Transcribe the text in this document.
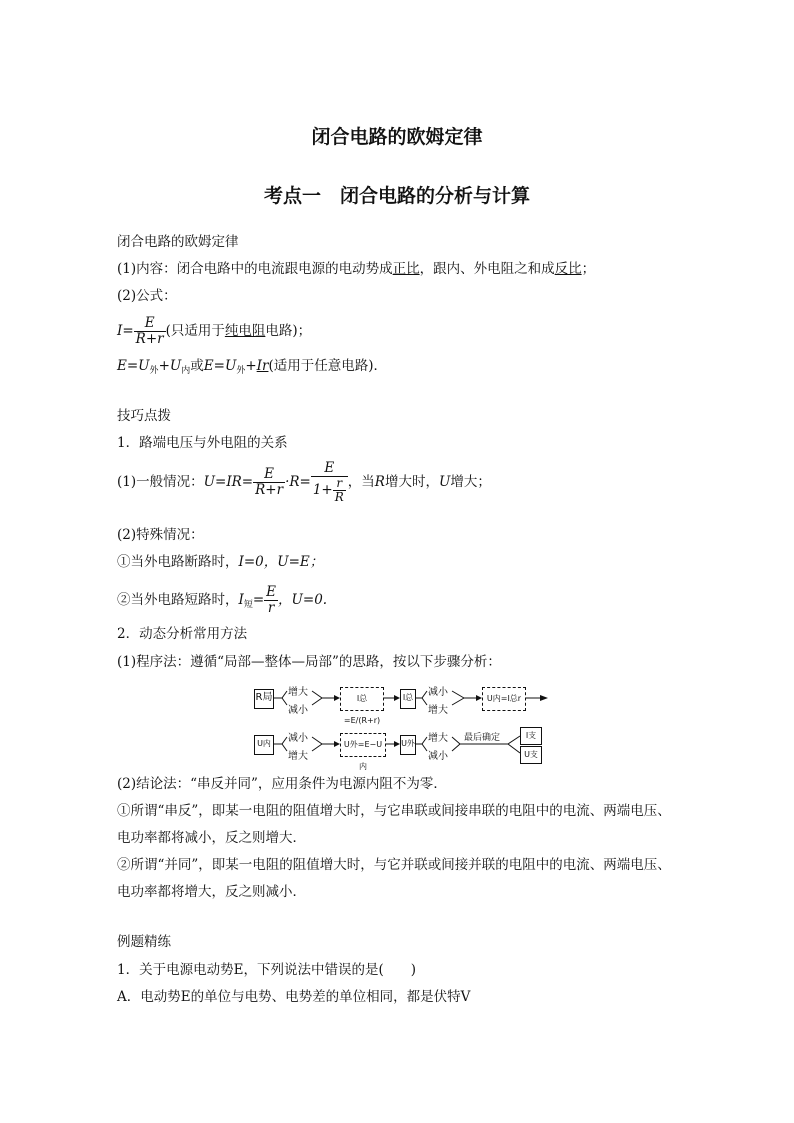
闭合电路的欧姆定律
考点一　闭合电路的分析与计算
闭合电路的欧姆定律
(1)内容：闭合电路中的电流跟电源的电动势成正比，跟内、外电阻之和成反比；
(2)公式：
$I= \frac{E}{R+r}$ (只适用于纯电阻电路)；
$E=U_外+U_内$或$E=U_外+Ir$(适用于任意电路)．
技巧点拨
1．路端电压与外电阻的关系
(1)一般情况：$U=IR= \frac{E}{R+r} \cdot R= \frac{E}{1+ \frac{r}{R}}$ ，当R增大时，U增大；
(2)特殊情况：
①当外电路断路时，I=0，U=E；
②当外电路短路时，$I_短= \frac{E}{r}$ ，U=0.
2．动态分析常用方法
(1)程序法：遵循“局部—整体—局部”的思路，按以下步骤分析：
R局 增大
减小
I总=E/(R+r)
I总 减小
增大
U内=I总r
U内	减小
增大
U外=E−U内
U外 增大
减小
最后确定	I支
U支
(2)结论法：“串反并同”，应用条件为电源内阻不为零．
①所谓“串反”，即某一电阻的阻值增大时，与它串联或间接串联的电阻中的电流、两端电压、
电功率都将减小，反之则增大．
②所谓“并同”，即某一电阻的阻值增大时，与它并联或间接并联的电阻中的电流、两端电压、
电功率都将增大，反之则减小．
例题精练
1．关于电源电动势E，下列说法中错误的是(　　)
A．电动势E的单位与电势、电势差的单位相同，都是伏特V
